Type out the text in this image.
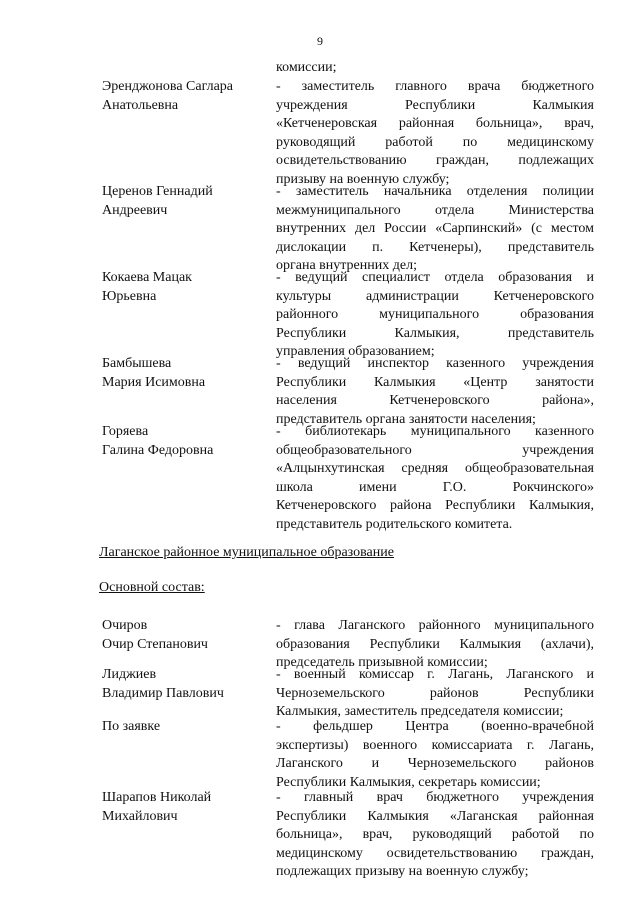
9
комиссии;
Эренджонова Саглара
Анатольевна
- заместитель главного врача бюджетного
учреждения Республики Калмыкия
«Кетченеровская районная больница», врач,
руководящий работой по медицинскому
освидетельствованию граждан, подлежащих
призыву на военную службу;
Церенов Геннадий
Андреевич
- заместитель начальника отделения полиции
межмуниципального отдела Министерства
внутренних дел России «Сарпинский» (с местом
дислокации п. Кетченеры), представитель
органа внутренних дел;
Кокаева Мацак
Юрьевна
- ведущий специалист отдела образования и
культуры администрации Кетченеровского
районного муниципального образования
Республики Калмыкия, представитель
управления образованием;
Бамбышева
Мария Исимовна
- ведущий инспектор казенного учреждения
Республики Калмыкия «Центр занятости
населения Кетченеровского района»,
представитель органа занятости населения;
Горяева
Галина Федоровна
- библиотекарь муниципального казенного
общеобразовательного учреждения
«Алцынхутинская средняя общеобразовательная
школа имени Г.О. Рокчинского»
Кетченеровского района Республики Калмыкия,
представитель родительского комитета.
Лаганское районное муниципальное образование
Основной состав:
Очиров
Очир Степанович
- глава Лаганского районного муниципального
образования Республики Калмыкия (ахлачи),
председатель призывной комиссии;
Лиджиев
Владимир Павлович
- военный комиссар г. Лагань, Лаганского и
Черноземельского районов Республики
Калмыкия, заместитель председателя комиссии;
По заявке	- фельдшер Центра (военно-врачебной
экспертизы) военного комиссариата г. Лагань,
Лаганского и Черноземельского районов
Республики Калмыкия, секретарь комиссии;
Шарапов Николай
Михайлович
- главный врач бюджетного учреждения
Республики Калмыкия «Лаганская районная
больница», врач, руководящий работой по
медицинскому освидетельствованию граждан,
подлежащих призыву на военную службу;
